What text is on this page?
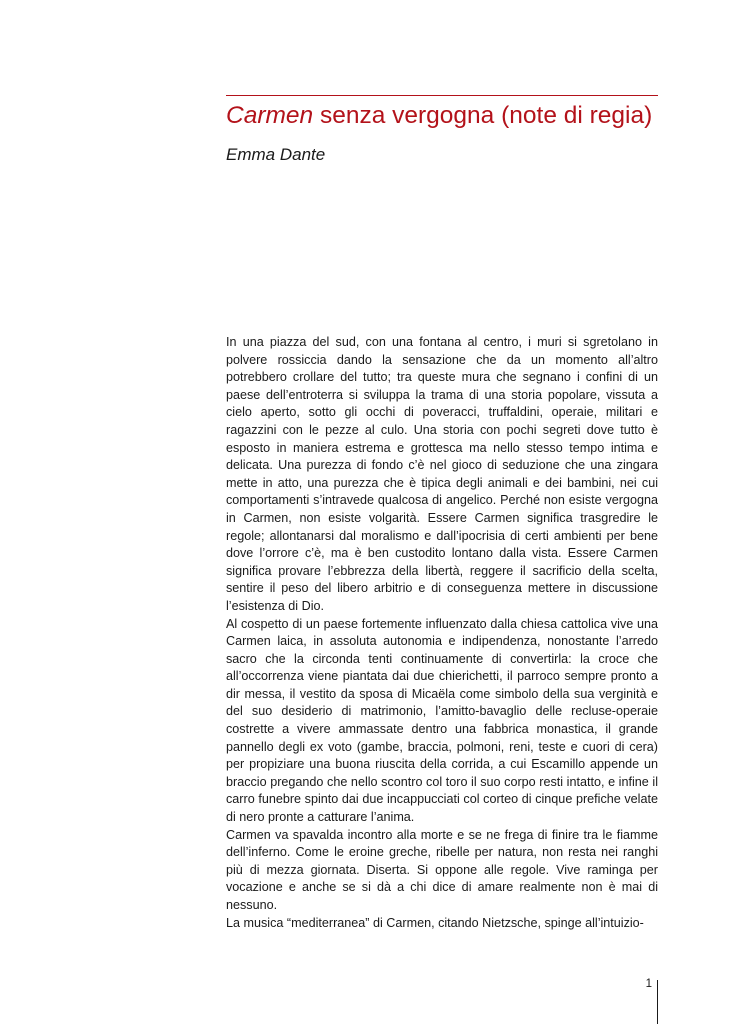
Carmen senza vergogna (note di regia)
Emma Dante

In una piazza del sud, con una fontana al centro, i muri si sgretolano in polvere rossiccia dando la sensazione che da un momento all’altro potrebbero crollare del tutto; tra queste mura che segnano i confini di un paese dell’entroterra si sviluppa la trama di una storia popolare, vissuta a cielo aperto, sotto gli occhi di poveracci, truffaldini, operaie, militari e ragazzini con le pezze al culo. Una storia con pochi segreti dove tutto è esposto in maniera estrema e grottesca ma nello stesso tempo intima e delicata. Una purezza di fondo c’è nel gioco di seduzione che una zingara mette in atto, una purezza che è tipica degli animali e dei bambini, nei cui comportamenti s’intravede qualcosa di angelico. Perché non esiste vergogna in Carmen, non esiste volgarità. Essere Carmen significa trasgredire le regole; allontanarsi dal moralismo e dall’ipocrisia di certi ambienti per bene dove l’orrore c’è, ma è ben custodito lontano dalla vista. Essere Carmen significa provare l’ebbrezza della libertà, reggere il sacrificio della scelta, sentire il peso del libero arbitrio e di conseguenza mettere in discussione l’esistenza di Dio.

Al cospetto di un paese fortemente influenzato dalla chiesa cattolica vive una Carmen laica, in assoluta autonomia e indipendenza, nonostante l’arredo sacro che la circonda tenti continuamente di convertirla: la croce che all’occorrenza viene piantata dai due chierichetti, il parroco sempre pronto a dir messa, il vestito da sposa di Micaëla come simbolo della sua verginità e del suo desiderio di matrimonio, l’amitto-bavaglio delle recluse-operaie costrette a vivere ammassate dentro una fabbrica monastica, il grande pannello degli ex voto (gambe, braccia, polmoni, reni, teste e cuori di cera) per propiziare una buona riuscita della corrida, a cui Escamillo appende un braccio pregando che nello scontro col toro il suo corpo resti intatto, e infine il carro funebre spinto dai due incappucciati col corteo di cinque prefiche velate di nero pronte a catturare l’anima.

Carmen va spavalda incontro alla morte e se ne frega di finire tra le fiamme dell’inferno. Come le eroine greche, ribelle per natura, non resta nei ranghi più di mezza giornata. Diserta. Si oppone alle regole. Vive raminga per vocazione e anche se si dà a chi dice di amare realmente non è mai di nessuno.

La musica “mediterranea” di Carmen, citando Nietzsche, spinge all’intuizio-

1
